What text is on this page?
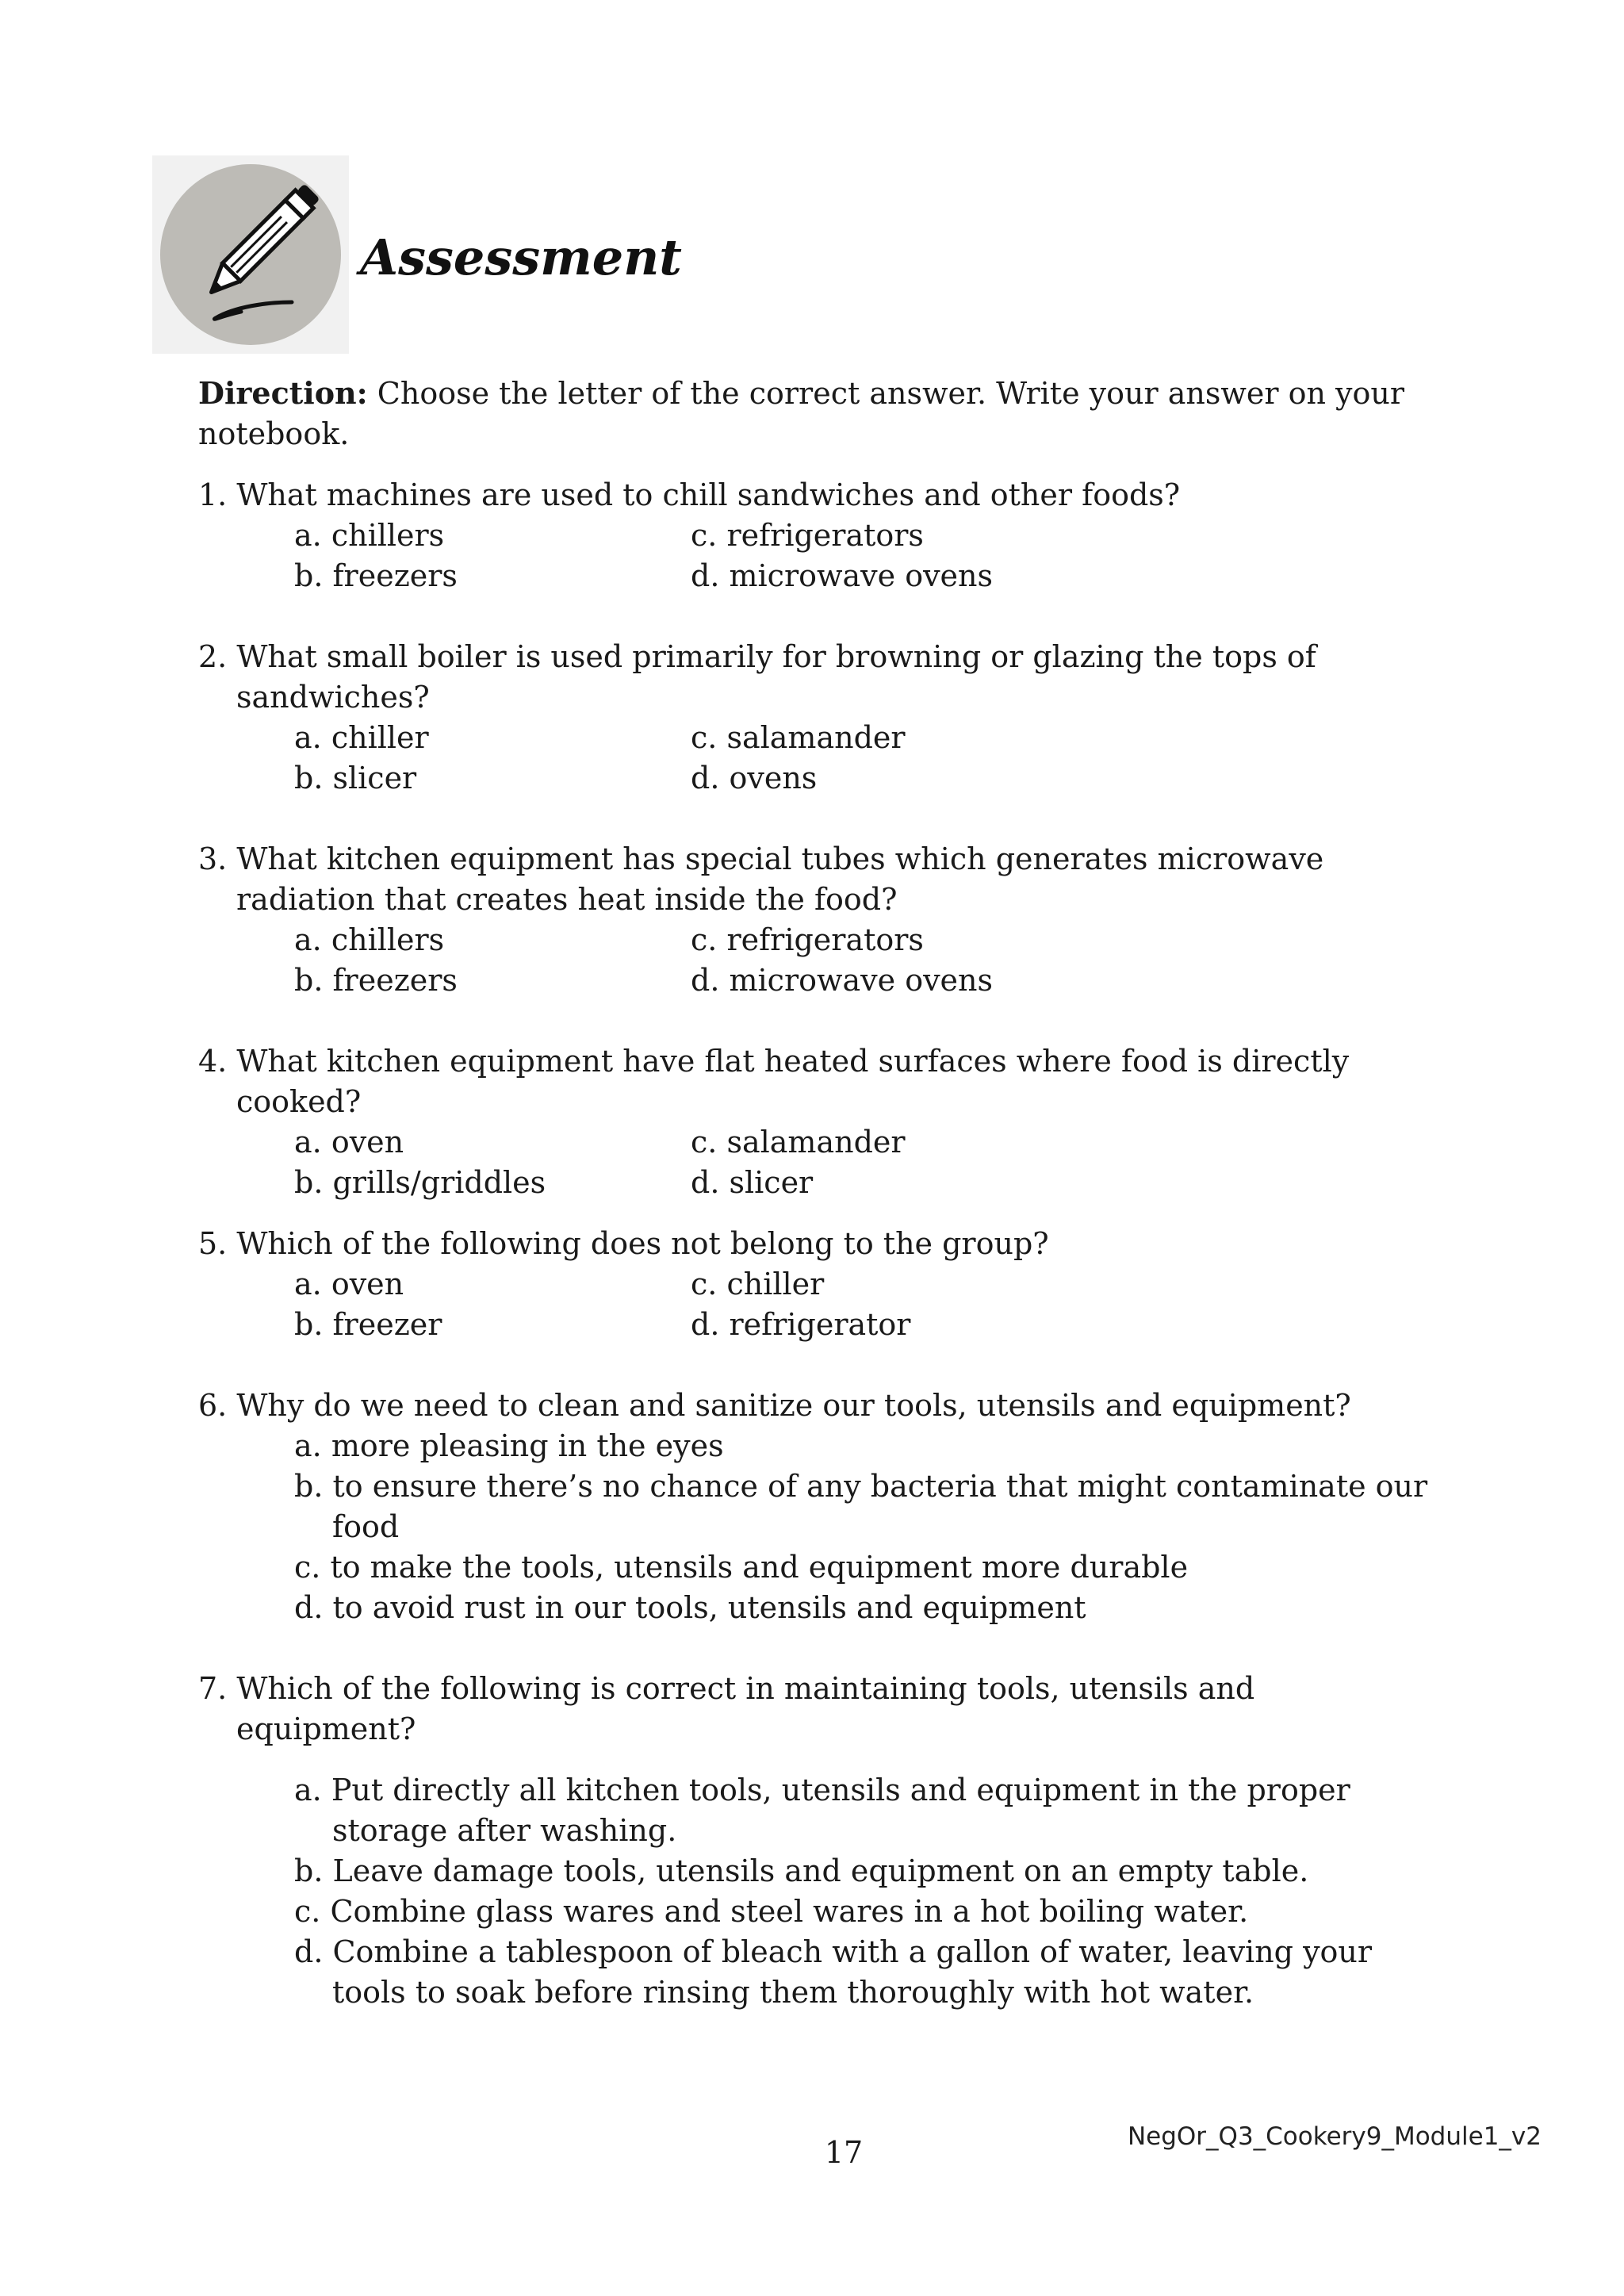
Assessment

Direction: Choose the letter of the correct answer. Write your answer on your notebook.

1. What machines are used to chill sandwiches and other foods?
a. chillers	c. refrigerators
b. freezers	d. microwave ovens
2. What small boiler is used primarily for browning or glazing the tops of sandwiches?
a. chiller	c. salamander
b. slicer	d. ovens
3. What kitchen equipment has special tubes which generates microwave radiation that creates heat inside the food?
a. chillers	c. refrigerators
b. freezers	d. microwave ovens
4. What kitchen equipment have flat heated surfaces where food is directly cooked?
a. oven	c. salamander
b. grills/griddles	d. slicer
5. Which of the following does not belong to the group?
a. oven	c. chiller
b. freezer	d. refrigerator
6. Why do we need to clean and sanitize our tools, utensils and equipment?
a. more pleasing in the eyes
b. to ensure there’s no chance of any bacteria that might contaminate our food
c. to make the tools, utensils and equipment more durable
d. to avoid rust in our tools, utensils and equipment
7. Which of the following is correct in maintaining tools, utensils and equipment?
a. Put directly all kitchen tools, utensils and equipment in the proper storage after washing.
b. Leave damage tools, utensils and equipment on an empty table.
c. Combine glass wares and steel wares in a hot boiling water.
d. Combine a tablespoon of bleach with a gallon of water, leaving your tools to soak before rinsing them thoroughly with hot water.
NegOr_Q3_Cookery9_Module1_v2
17
